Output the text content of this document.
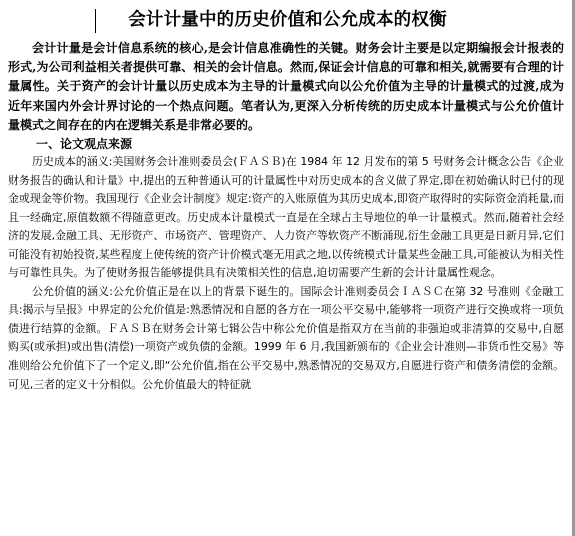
会计计量中的历史价值和公允成本的权衡

会计计量是会计信息系统的核心,是会计信息准确性的关键。财务会计主要是以定期编报会计报表的形式,为公司利益相关者提供可靠、相关的会计信息。然而,保证会计信息的可靠和相关,就需要有合理的计量属性。关于资产的会计计量以历史成本为主导的计量模式向以公允价值为主导的计量模式的过渡,成为近年来国内外会计界讨论的一个热点问题。笔者认为,更深入分析传统的历史成本计量模式与公允价值计量模式之间存在的内在逻辑关系是非常必要的。

一、论文观点来源

历史成本的涵义:美国财务会计准则委员会(ＦＡＳＢ)在 1984 年 12 月发布的第 5 号财务会计概念公告《企业财务报告的确认和计量》中,提出的五种普通认可的计量属性中对历史成本的含义做了界定,即在初始确认时已付的现金或现金等价物。我国现行《企业会计制度》规定:资产的入账原值为其历史成本,即资产取得时的实际资金消耗量,而且一经确定,原值数额不得随意更改。历史成本计量模式一直是在全球占主导地位的单一计量模式。然而,随着社会经济的发展,金融工具、无形资产、市场资产、管理资产、人力资产等软资产不断涌现,衍生金融工具更是日新月异,它们可能没有初始投资,某些程度上使传统的资产计价模式毫无用武之地,以传统模式计量某些金融工具,可能被认为相关性与可靠性具失。为了使财务报告能够提供具有决策相关性的信息,迫切需要产生新的会计计量属性观念。

公允价值的涵义:公允价值正是在以上的背景下诞生的。国际会计准则委员会ＩＡＳＣ在第 32 号准则《金融工具:揭示与呈报》中界定的公允价值是:熟悉情况和自愿的各方在一项公平交易中,能够将一项资产进行交换或将一项负债进行结算的金额。ＦＡＳＢ在财务会计第七辑公告中称公允价值是指双方在当前的非强迫或非清算的交易中,自愿购买(或承担)或出售(清偿)一项资产或负债的金额。1999 年 6 月,我国新颁布的《企业会计准则—非货币性交易》等准则给公允价值下了一个定义,即“公允价值,指在公平交易中,熟悉情况的交易双方,自愿进行资产和债务清偿的金额。可见,三者的定义十分相似。公允价值最大的特征就
